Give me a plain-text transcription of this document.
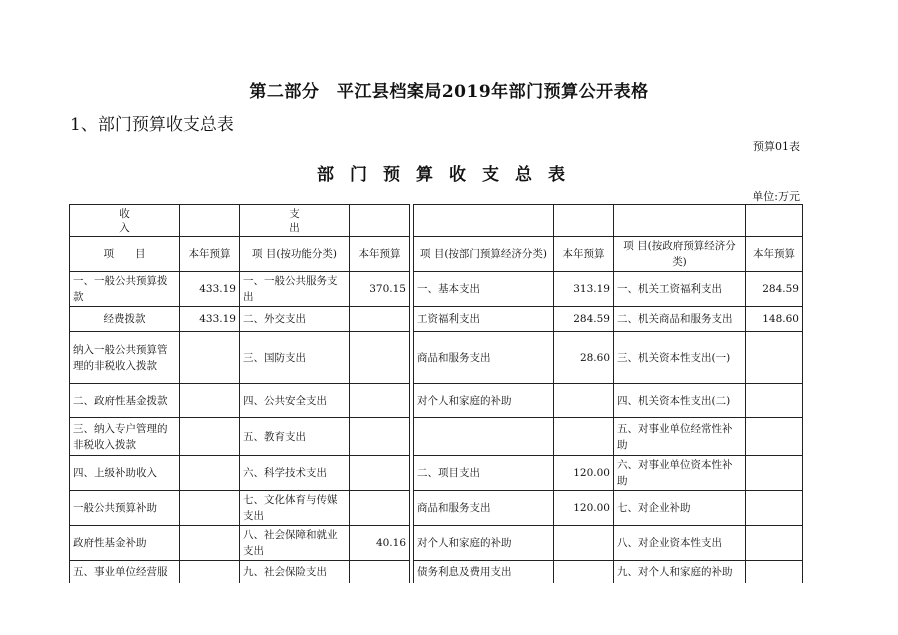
第二部分　平江县档案局2019年部门预算公开表格
1、部门预算收支总表
预算01表
部门预算收支总表
单位:万元
收
入		支
出						
项　　目	本年预算	项 目(按功能分类)	本年预算		项 目(按部门预算经济分类)	本年预算	项 目(按政府预算经济分类)	本年预算
一、一般公共预算拨款	433.19	一、一般公共服务支出	370.15		一、基本支出	313.19	一、机关工资福利支出	284.59
经费拨款	433.19	二、外交支出			工资福利支出	284.59	二、机关商品和服务支出	148.60
纳入一般公共预算管理的非税收入拨款		三、国防支出			商品和服务支出	28.60	三、机关资本性支出(一)	
二、政府性基金拨款		四、公共安全支出			对个人和家庭的补助		四、机关资本性支出(二)	
三、纳入专户管理的非税收入拨款		五、教育支出					五、对事业单位经常性补助	
四、上级补助收入		六、科学技术支出			二、项目支出	120.00	六、对事业单位资本性补助	
一般公共预算补助		七、文化体育与传媒支出			商品和服务支出	120.00	七、对企业补助	
政府性基金补助		八、社会保障和就业支出	40.16		对个人和家庭的补助		八、对企业资本性支出	
五、事业单位经营服		九、社会保险支出			债务利息及费用支出		九、对个人和家庭的补助	
